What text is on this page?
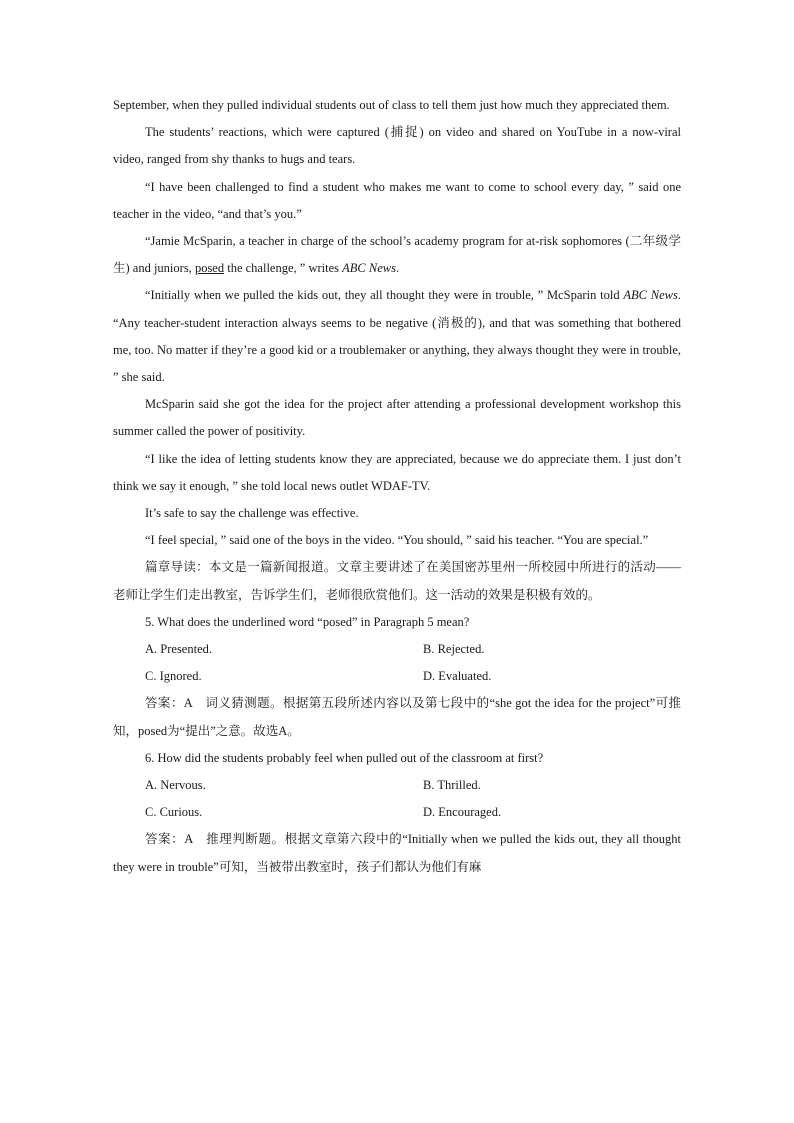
September, when they pulled individual students out of class to tell them just how much they appreciated them.

The students’ reactions, which were captured (捕捉) on video and shared on YouTube in a now-viral video, ranged from shy thanks to hugs and tears.

“I have been challenged to find a student who makes me want to come to school every day, ” said one teacher in the video, “and that’s you.”

“Jamie McSparin, a teacher in charge of the school’s academy program for at-risk sophomores (二年级学生) and juniors, posed the challenge, ” writes ABC News.

“Initially when we pulled the kids out, they all thought they were in trouble, ” McSparin told ABC News. “Any teacher-student interaction always seems to be negative (消极的), and that was something that bothered me, too. No matter if they’re a good kid or a troublemaker or anything, they always thought they were in trouble, ” she said.

McSparin said she got the idea for the project after attending a professional development workshop this summer called the power of positivity.

“I like the idea of letting students know they are appreciated, because we do appreciate them. I just don’t think we say it enough, ” she told local news outlet WDAF-TV.

It’s safe to say the challenge was effective.

“I feel special, ” said one of the boys in the video. “You should, ” said his teacher. “You are special.”

篇章导读：本文是一篇新闻报道。文章主要讲述了在美国密苏里州一所校园中所进行的活动——老师让学生们走出教室，告诉学生们，老师很欣赏他们。这一活动的效果是积极有效的。

5. What does the underlined word “posed” in Paragraph 5 mean?

A. Presented.	B. Rejected.
C. Ignored.	D. Evaluated.

答案：A　词义猜测题。根据第五段所述内容以及第七段中的“she got the idea for the project”可推知，posed为“提出”之意。故选A。

6. How did the students probably feel when pulled out of the classroom at first?

A. Nervous.	B. Thrilled.
C. Curious.	D. Encouraged.

答案：A　推理判断题。根据文章第六段中的“Initially when we pulled the kids out, they all thought they were in trouble”可知，当被带出教室时，孩子们都认为他们有麻
